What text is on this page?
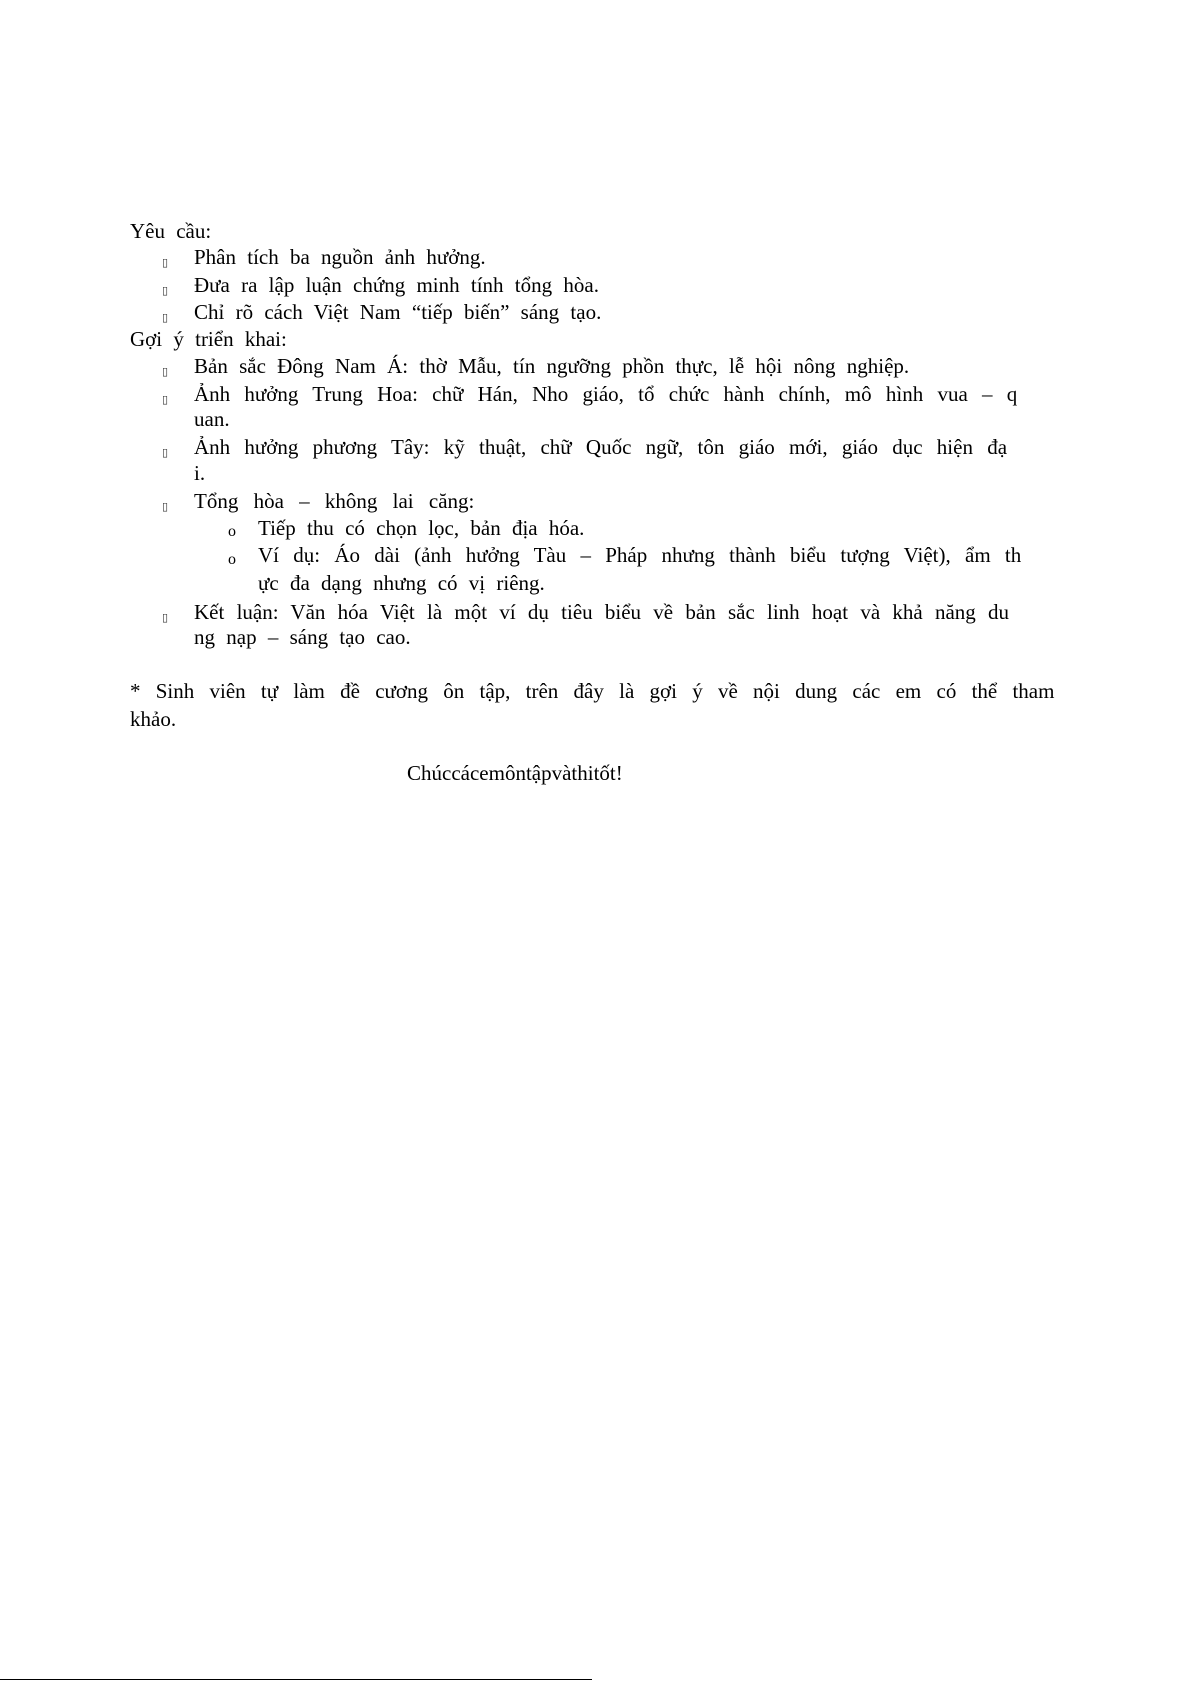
Yêu cầu:
▯ Phân tích ba nguồn ảnh hưởng.
▯ Đưa ra lập luận chứng minh tính tổng hòa.
▯ Chỉ rõ cách Việt Nam “tiếp biến” sáng tạo.
Gợi ý triển khai:
▯ Bản sắc Đông Nam Á: thờ Mẫu, tín ngưỡng phồn thực, lễ hội nông nghiệp.
▯ Ảnh hưởng Trung Hoa: chữ Hán, Nho giáo, tổ chức hành chính, mô hình vua – q
uan.
▯ Ảnh hưởng phương Tây: kỹ thuật, chữ Quốc ngữ, tôn giáo mới, giáo dục hiện đạ
i.
▯ Tổng hòa – không lai căng:
o Tiếp thu có chọn lọc, bản địa hóa.
o Ví dụ: Áo dài (ảnh hưởng Tàu – Pháp nhưng thành biểu tượng Việt), ẩm th
ực đa dạng nhưng có vị riêng.
▯ Kết luận: Văn hóa Việt là một ví dụ tiêu biểu về bản sắc linh hoạt và khả năng du
ng nạp – sáng tạo cao.
* Sinh viên tự làm đề cương ôn tập, trên đây là gợi ý về nội dung các em có thể tham
khảo.
Chúccácemôntậpvàthitốt!
